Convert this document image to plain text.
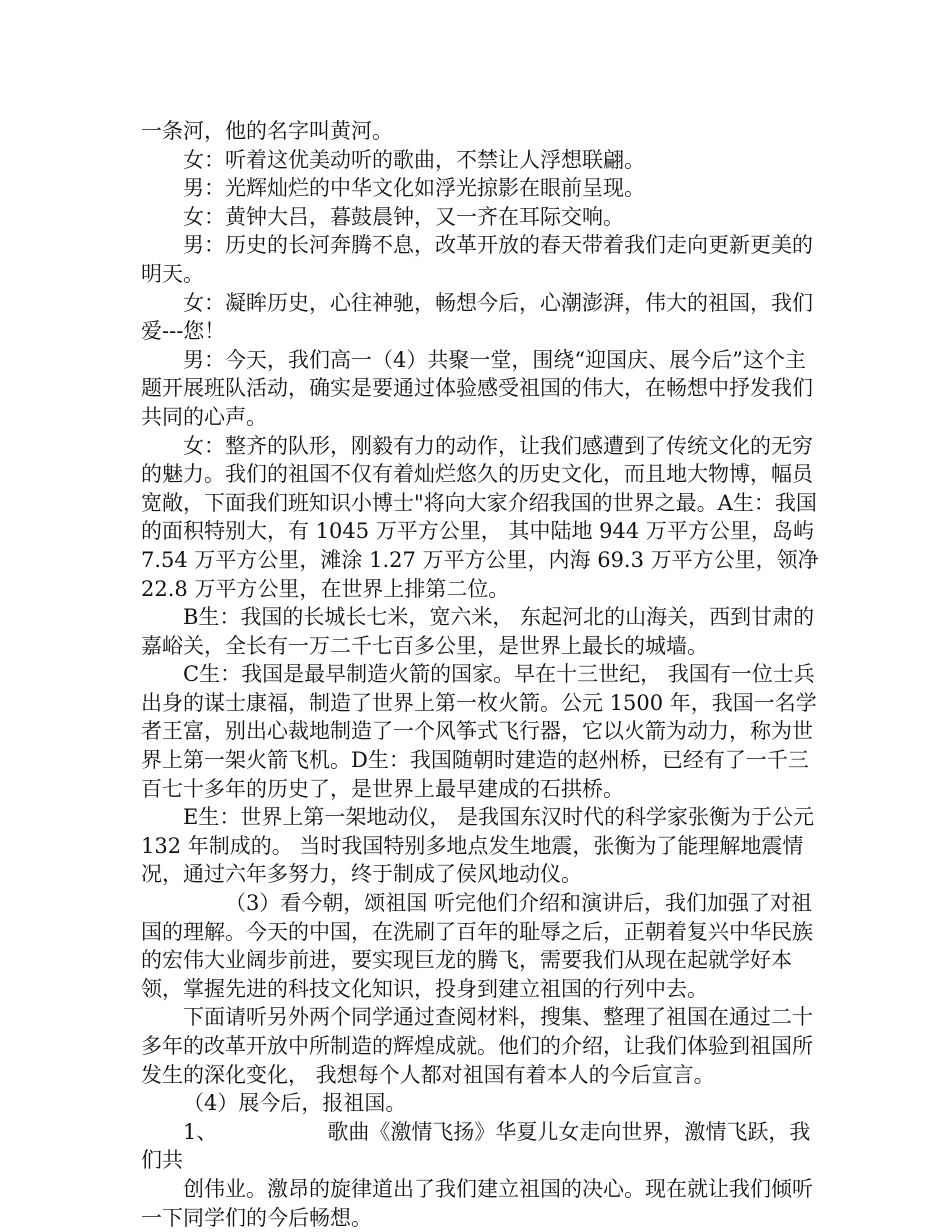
一条河，他的名字叫黄河。

女：听着这优美动听的歌曲，不禁让人浮想联翩。

男：光辉灿烂的中华文化如浮光掠影在眼前呈现。

女：黄钟大吕，暮鼓晨钟，又一齐在耳际交响。

男：历史的长河奔腾不息，改革开放的春天带着我们走向更新更美的明天。

女：凝眸历史，心往神驰，畅想今后，心潮澎湃，伟大的祖国，我们爱---您！

男：今天，我们高一（4）共聚一堂，围绕“迎国庆、展今后”这个主题开展班队活动，确实是要通过体验感受祖国的伟大，在畅想中抒发我们共同的心声。

女：整齐的队形，刚毅有力的动作，让我们感遭到了传统文化的无穷的魅力。我们的祖国不仅有着灿烂悠久的历史文化，而且地大物博，幅员宽敞，下面我们班知识小博士"将向大家介绍我国的世界之最。A生：我国的面积特别大，有 1045 万平方公里， 其中陆地 944 万平方公里，岛屿 7.54 万平方公里，滩涂 1.27 万平方公里，内海 69.3 万平方公里，领净 22.8 万平方公里，在世界上排第二位。

B生：我国的长城长七米，宽六米， 东起河北的山海关，西到甘肃的嘉峪关，全长有一万二千七百多公里，是世界上最长的城墙。

C生：我国是最早制造火箭的国家。早在十三世纪， 我国有一位士兵出身的谋士康福，制造了世界上第一枚火箭。公元 1500 年，我国一名学者王富，别出心裁地制造了一个风筝式飞行器，它以火箭为动力，称为世界上第一架火箭飞机。D生：我国随朝时建造的赵州桥，已经有了一千三百七十多年的历史了，是世界上最早建成的石拱桥。

E生：世界上第一架地动仪， 是我国东汉时代的科学家张衡为于公元 132 年制成的。 当时我国特别多地点发生地震，张衡为了能理解地震情况，通过六年多努力，终于制成了侯风地动仪。

（3）看今朝，颂祖国 听完他们介绍和演讲后，我们加强了对祖国的理解。今天的中国，在洗刷了百年的耻辱之后，正朝着复兴中华民族的宏伟大业阔步前进，要实现巨龙的腾飞，需要我们从现在起就学好本领，掌握先进的科技文化知识，投身到建立祖国的行列中去。

下面请听另外两个同学通过查阅材料，搜集、整理了祖国在通过二十多年的改革开放中所制造的辉煌成就。他们的介绍，让我们体验到祖国所发生的深化变化， 我想每个人都对祖国有着本人的今后宣言。

（4）展今后，报祖国。

1、	歌曲《激情飞扬》华夏儿女走向世界，激情飞跃，我们共

创伟业。激昂的旋律道出了我们建立祖国的决心。现在就让我们倾听一下同学们的今后畅想。
